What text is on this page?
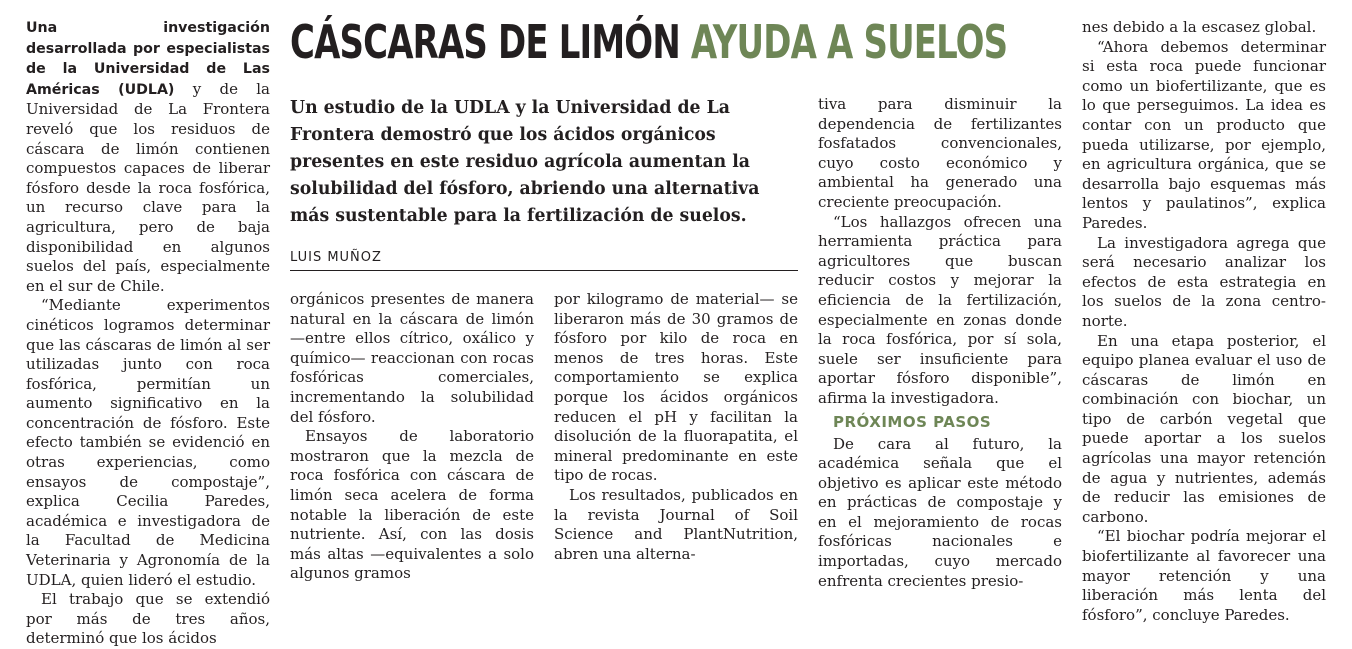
Una investigación desarrollada por especialistas de la Universidad de Las Américas (UDLA) y de la Universidad de La Frontera reveló que los residuos de cáscara de limón contienen compuestos capaces de liberar fósforo desde la roca fosfórica, un recurso clave para la agricultura, pero de baja disponibilidad en algunos suelos del país, especialmente en el sur de Chile.

“Mediante experimentos cinéticos logramos determinar que las cáscaras de limón al ser utilizadas junto con roca fosfórica, permitían un aumento significativo en la concentración de fósforo. Este efecto también se evidenció en otras experiencias, como ensayos de compostaje”, explica Cecilia Paredes, académica e investigadora de la Facultad de Medicina Veterinaria y Agronomía de la UDLA, quien lideró el estudio.

El trabajo que se extendió por más de tres años, determinó que los ácidos

CÁSCARAS DE LIMÓN AYUDA A SUELOS
Un estudio de la UDLA y la Universidad de La Frontera demostró que los ácidos orgánicos presentes en este residuo agrícola aumentan la solubilidad del fósforo, abriendo una alternativa más sustentable para la fertilización de suelos.
LUIS MUÑOZ

orgánicos presentes de manera natural en la cáscara de limón —entre ellos cítrico, oxálico y químico— reaccionan con rocas fosfóricas comerciales, incrementando la solubilidad del fósforo.

Ensayos de laboratorio mostraron que la mezcla de roca fosfórica con cáscara de limón seca acelera de forma notable la liberación de este nutriente. Así, con las dosis más altas —equivalentes a solo algunos gramos

por kilogramo de material— se liberaron más de 30 gramos de fósforo por kilo de roca en menos de tres horas. Este comportamiento se explica porque los ácidos orgánicos reducen el pH y facilitan la disolución de la fluorapatita, el mineral predominante en este tipo de rocas.

Los resultados, publicados en la revista Journal of Soil Science and PlantNutrition, abren una alterna-

tiva para disminuir la dependencia de fertilizantes fosfatados convencionales, cuyo costo económico y ambiental ha generado una creciente preocupación.

“Los hallazgos ofrecen una herramienta práctica para agricultores que buscan reducir costos y mejorar la eficiencia de la fertilización, especialmente en zonas donde la roca fosfórica, por sí sola, suele ser insuficiente para aportar fósforo disponible”, afirma la investigadora.

PRÓXIMOS PASOS

De cara al futuro, la académica señala que el objetivo es aplicar este método en prácticas de compostaje y en el mejoramiento de rocas fosfóricas nacionales e importadas, cuyo mercado enfrenta crecientes presio-

nes debido a la escasez global.

“Ahora debemos determinar si esta roca puede funcionar como un biofertilizante, que es lo que perseguimos. La idea es contar con un producto que pueda utilizarse, por ejemplo, en agricultura orgánica, que se desarrolla bajo esquemas más lentos y paulatinos”, explica Paredes.

La investigadora agrega que será necesario analizar los efectos de esta estrategia en los suelos de la zona centro-norte.

En una etapa posterior, el equipo planea evaluar el uso de cáscaras de limón en combinación con biochar, un tipo de carbón vegetal que puede aportar a los suelos agrícolas una mayor retención de agua y nutrientes, además de reducir las emisiones de carbono.

“El biochar podría mejorar el biofertilizante al favorecer una mayor retención y una liberación más lenta del fósforo”, concluye Paredes.
